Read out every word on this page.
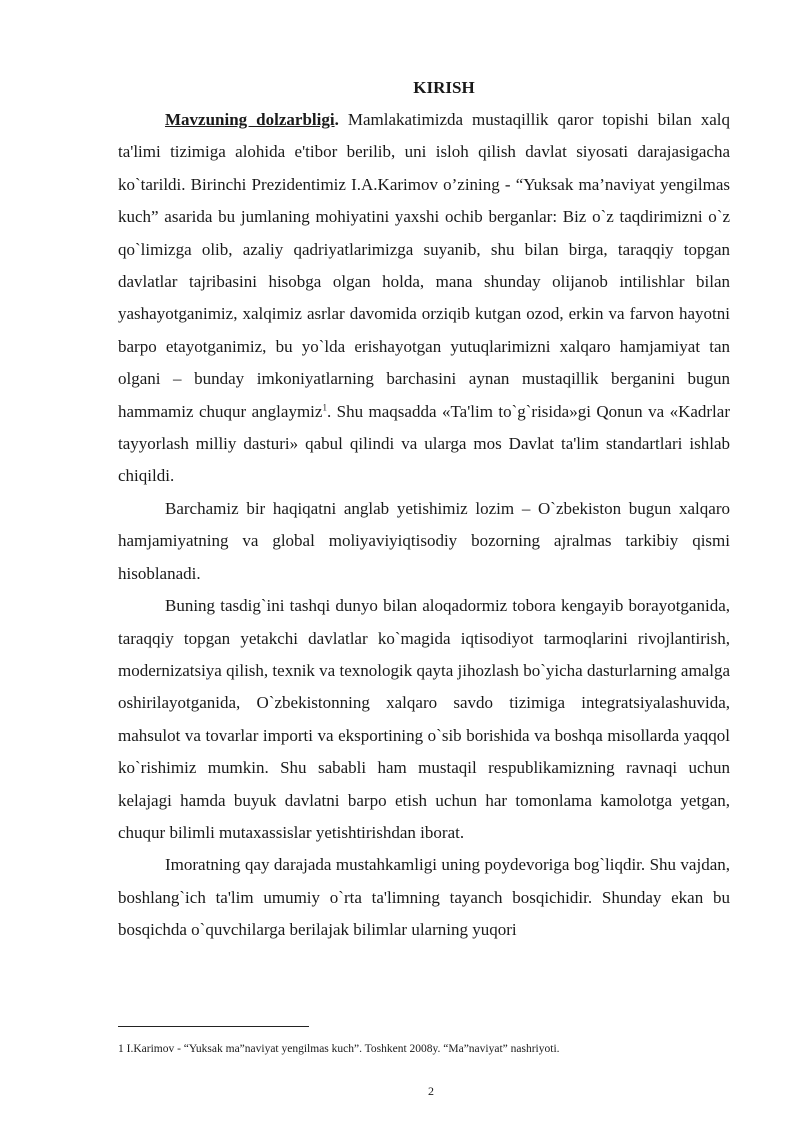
KIRISH

Mavzuning dolzarbligi. Mamlakatimizda mustaqillik qaror topishi bilan xalq ta'limi tizimiga alohida e'tibor berilib, uni isloh qilish davlat siyosati darajasigacha ko`tarildi. Birinchi Prezidentimiz I.A.Karimov o’zining - “Yuksak ma’naviyat yengilmas kuch” asarida bu jumlaning mohiyatini yaxshi ochib berganlar: Biz o`z taqdirimizni o`z qo`limizga olib, azaliy qadriyatlarimizga suyanib, shu bilan birga, taraqqiy topgan davlatlar tajribasini hisobga olgan holda, mana shunday olijanob intilishlar bilan yashayotganimiz, xalqimiz asrlar davomida orziqib kutgan ozod, erkin va farvon hayotni barpo etayotganimiz, bu yo`lda erishayotgan yutuqlarimizni xalqaro hamjamiyat tan olgani – bunday imkoniyatlarning barchasini aynan mustaqillik berganini bugun hammamiz chuqur anglaymiz$^1$. Shu maqsadda «Ta'lim to`g`risida»gi Qonun va «Kadrlar tayyorlash milliy dasturi» qabul qilindi va ularga mos Davlat ta'lim standartlari ishlab chiqildi.

Barchamiz bir haqiqatni anglab yetishimiz lozim – O`zbekiston bugun xalqaro hamjamiyatning va global moliyaviyiqtisodiy bozorning ajralmas tarkibiy qismi hisoblanadi.

Buning tasdig`ini tashqi dunyo bilan aloqadormiz tobora kengayib borayotganida, taraqqiy topgan yetakchi davlatlar ko`magida iqtisodiyot tarmoqlarini rivojlantirish, modernizatsiya qilish, texnik va texnologik qayta jihozlash bo`yicha dasturlarning amalga oshirilayotganida, O`zbekistonning xalqaro savdo tizimiga integratsiyalashuvida, mahsulot va tovarlar importi va eksportining o`sib borishida va boshqa misollarda yaqqol ko`rishimiz mumkin. Shu sababli ham mustaqil respublikamizning ravnaqi uchun kelajagi hamda buyuk davlatni barpo etish uchun har tomonlama kamolotga yetgan, chuqur bilimli mutaxassislar yetishtirishdan iborat.

Imoratning qay darajada mustahkamligi uning poydevoriga bog`liqdir. Shu vajdan, boshlang`ich ta'lim umumiy o`rta ta'limning tayanch bosqichidir. Shunday ekan bu bosqichda o`quvchilarga berilajak bilimlar ularning yuqori

1 I.Karimov - “Yuksak ma”naviyat yengilmas kuch”. Toshkent 2008y. “Ma”naviyat” nashriyoti.
2
